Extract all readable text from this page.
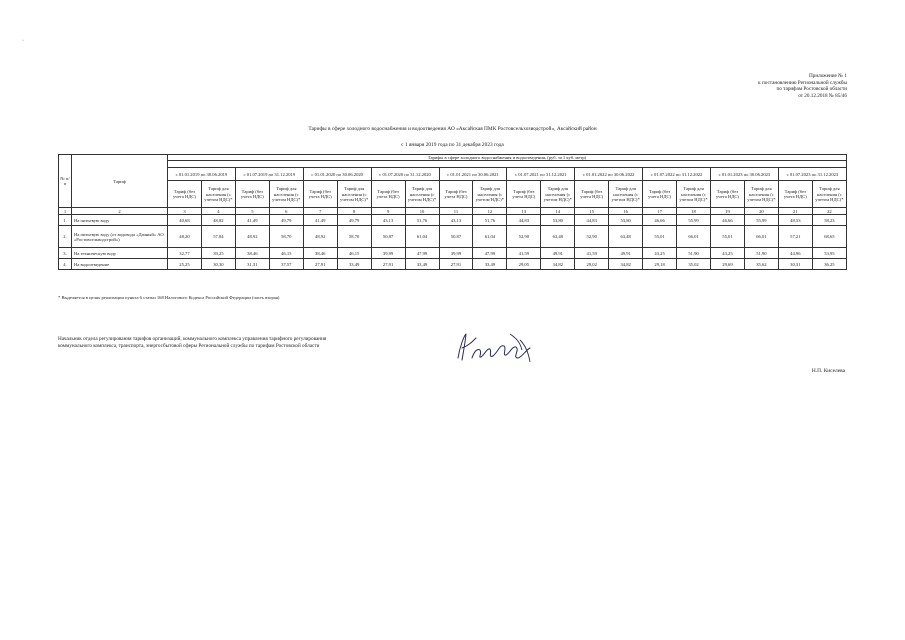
·
Приложение № 1
к постановлению Региональной службы
по тарифам Ростовской области
от 20.12.2018 № 85/46
Тарифы в сфере холодного водоснабжения и водоотведения АО «Аксайская ПМК Ростовсельхозводстрой», Аксайский район
с 1 января 2019 года по 31 декабря 2023 года
№ п/п	Тариф	Тарифы в сфере холодного водоснабжения и водоотведения, (руб. за 1 куб. метр)																			

		с 01.01.2019 по 30.06.2019		с 01.07.2019 по 31.12.2019		с 01.01.2020 по 30.06.2020		с 01.07.2020 по 31.12.2020		с 01.01.2021 по 30.06.2021		с 01.07.2021 по 31.12.2021		с 01.01.2022 по 30.06.2022		с 01.07.2022 по 31.12.2022		с 01.01.2023 по 30.06.2023		с 01.07.2023 по 31.12.2023	
		Тариф (без учета НДС)	Тариф для населения (с учетом НДС)*	Тариф (без учета НДС)	Тариф для населения (с учетом НДС)*	Тариф (без учета НДС)	Тариф для населения (с учетом НДС)*	Тариф (без учета НДС)	Тариф для населения (с учетом НДС)*	Тариф (без учета НДС)	Тариф для населения (с учетом НДС)*	Тариф (без учета НДС)	Тариф для населения (с учетом НДС)*	Тариф (без учета НДС)	Тариф для населения (с учетом НДС)*	Тариф (без учета НДС)	Тариф для населения (с учетом НДС)*	Тариф (без учета НДС)	Тариф для населения (с учетом НДС)*	Тариф (без учета НДС)	Тариф для населения (с учетом НДС)*
1	2	3	4	5	6	7	8	9	10	11	12	13	14	15	16	17	18	19	20	21	22
1.	На питьевую воду	40,68	48,82	41,49	49,79	41,49	49,79	43,13	51,76	43,13	51,76	44,83	53,80	44,83	53,80	46,66	55,99	46,66	55,99	48,53	58,23
2.	На питьевую воду (от водовода «Дачный» АО «Ростовсельводстрой»)	48,20	57,84	48,92	58,70	48,92	58,70	50,87	61,04	50,87	61,04	52,90	63,48	52,90	63,48	55,01	66,01	55,01	66,01	57,21	68,65
3.	На техническую воду	32,77	39,25	38,46	46,15	38,46	46,15	39,99	47,99	39,99	47,99	41,59	49,91	41,59	49,91	43,25	51,90	43,25	51,90	44,96	53,95
4.	На водоотведение	25,25	30,30	31,31	37,57	27,91	33,49	27,91	33,49	27,91	33,49	29,05	34,82	29,02	34,82	29,18	35,02	29,69	35,62	30,31	36,25
* Выделяется в целях реализации пункта 6 статьи 168 Налогового Кодекса Российской Федерации (часть вторая)
Начальник отдела регулирования тарифов организаций, коммунального комплекса управления тарифного регулирования коммунального комплекса, транспорта, энергосбытовой сферы Региональной службы по тарифам Ростовской области
Н.П. Киселева
